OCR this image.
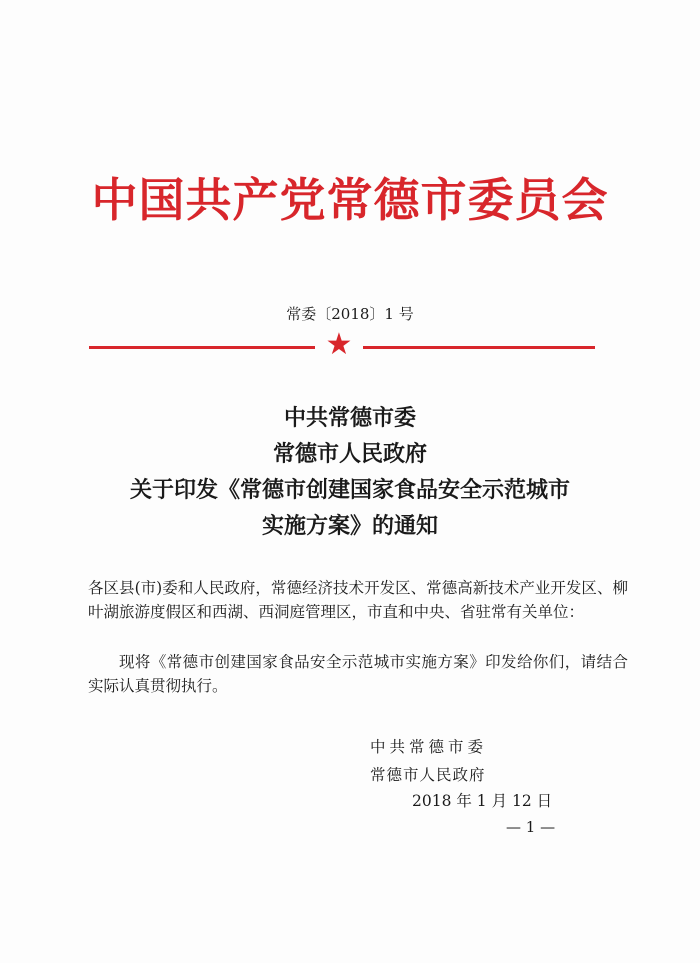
中国共产党常德市委员会
常委〔2018〕1 号
★
中共常德市委
常德市人民政府
关于印发《常德市创建国家食品安全示范城市
实施方案》的通知
各区县(市)委和人民政府，常德经济技术开发区、常德高新技术产业开发区、柳叶湖旅游度假区和西湖、西洞庭管理区，市直和中央、省驻常有关单位：
现将《常德市创建国家食品安全示范城市实施方案》印发给你们，请结合实际认真贯彻执行。
中共常德市委
常德市人民政府
2018 年 1 月 12 日
— 1 —
